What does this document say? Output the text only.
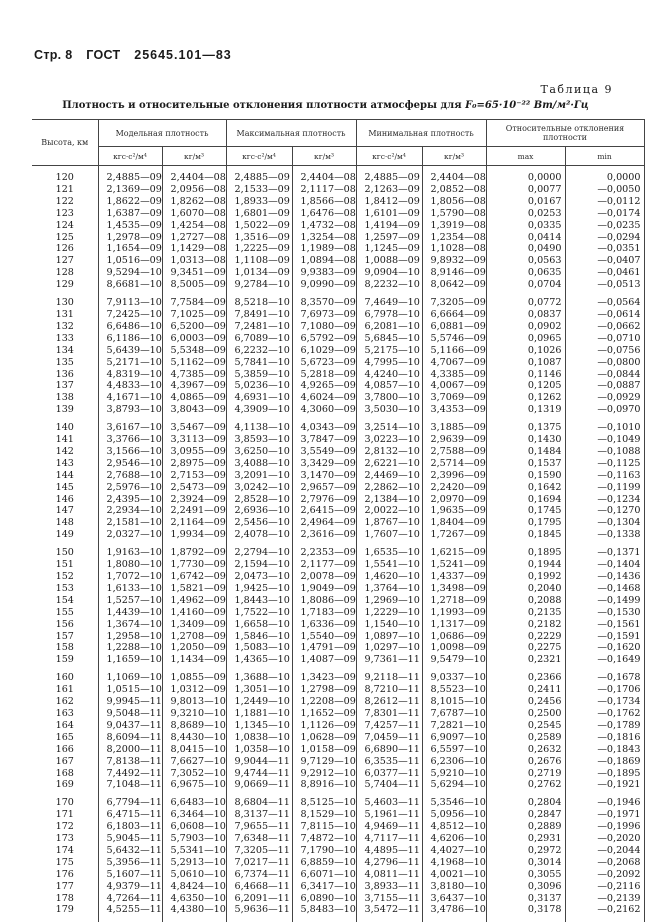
Стр. 8 ГОСТ 25645.101—83
Таблица 9
Плотность и относительные отклонения плотности атмосферы для F₀=65·10⁻²² Вт/м²·Гц
Высота, км	Модельная плотность		Максимальная плотность		Минимальная плотность		Относительные отклонения плотности	
	кгс·с²/м⁴	кг/м³	кгс·с²/м⁴	кг/м³	кгс·с²/м⁴	кг/м³	max	min

120	2,4885—09	2,4404—08	2,4885—09	2,4404—08	2,4885—09	2,4404—08	0,0000	0,0000
121	2,1369—09	2,0956—08	2,1533—09	2,1117—08	2,1263—09	2,0852—08	0,0077	—0,0050
122	1,8622—09	1,8262—08	1,8933—09	1,8566—08	1,8412—09	1,8056—08	0,0167	—0,0112
123	1,6387—09	1,6070—08	1,6801—09	1,6476—08	1,6101—09	1,5790—08	0,0253	—0,0174
124	1,4535—09	1,4254—08	1,5022—09	1,4732—08	1,4194—09	1,3919—08	0,0335	—0,0235
125	1,2978—09	1,2727—08	1,3516—09	1,3254—08	1,2597—09	1,2354—08	0,0414	—0,0294
126	1,1654—09	1,1429—08	1,2225—09	1,1989—08	1,1245—09	1,1028—08	0,0490	—0,0351
127	1,0516—09	1,0313—08	1,1108—09	1,0894—08	1,0088—09	9,8932—09	0,0563	—0,0407
128	9,5294—10	9,3451—09	1,0134—09	9,9383—09	9,0904—10	8,9146—09	0,0635	—0,0461
129	8,6681—10	8,5005—09	9,2784—10	9,0990—09	8,2232—10	8,0642—09	0,0704	—0,0513

130	7,9113—10	7,7584—09	8,5218—10	8,3570—09	7,4649—10	7,3205—09	0,0772	—0,0564
131	7,2425—10	7,1025—09	7,8491—10	7,6973—09	6,7978—10	6,6664—09	0,0837	—0,0614
132	6,6486—10	6,5200—09	7,2481—10	7,1080—09	6,2081—10	6,0881—09	0,0902	—0,0662
133	6,1186—10	6,0003—09	6,7089—10	6,5792—09	5,6845—10	5,5746—09	0,0965	—0,0710
134	5,6439—10	5,5348—09	6,2232—10	6,1029—09	5,2175—10	5,1166—09	0,1026	—0,0756
135	5,2171—10	5,1162—09	5,7841—10	5,6723—09	4,7995—10	4,7067—09	0,1087	—0,0800
136	4,8319—10	4,7385—09	5,3859—10	5,2818—09	4,4240—10	4,3385—09	0,1146	—0,0844
137	4,4833—10	4,3967—09	5,0236—10	4,9265—09	4,0857—10	4,0067—09	0,1205	—0,0887
138	4,1671—10	4,0865—09	4,6931—10	4,6024—09	3,7800—10	3,7069—09	0,1262	—0,0929
139	3,8793—10	3,8043—09	4,3909—10	4,3060—09	3,5030—10	3,4353—09	0,1319	—0,0970

140	3,6167—10	3,5467—09	4,1138—10	4,0343—09	3,2514—10	3,1885—09	0,1375	—0,1010
141	3,3766—10	3,3113—09	3,8593—10	3,7847—09	3,0223—10	2,9639—09	0,1430	—0,1049
142	3,1566—10	3,0955—09	3,6250—10	3,5549—09	2,8132—10	2,7588—09	0,1484	—0,1088
143	2,9546—10	2,8975—09	3,4088—10	3,3429—09	2,6221—10	2,5714—09	0,1537	—0,1125
144	2,7688—10	2,7153—09	3,2091—10	3,1470—09	2,4469—10	2,3996—09	0,1590	—0,1163
145	2,5976—10	2,5473—09	3,0242—10	2,9657—09	2,2862—10	2,2420—09	0,1642	—0,1199
146	2,4395—10	2,3924—09	2,8528—10	2,7976—09	2,1384—10	2,0970—09	0,1694	—0,1234
147	2,2934—10	2,2491—09	2,6936—10	2,6415—09	2,0022—10	1,9635—09	0,1745	—0,1270
148	2,1581—10	2,1164—09	2,5456—10	2,4964—09	1,8767—10	1,8404—09	0,1795	—0,1304
149	2,0327—10	1,9934—09	2,4078—10	2,3616—09	1,7607—10	1,7267—09	0,1845	—0,1338

150	1,9163—10	1,8792—09	2,2794—10	2,2353—09	1,6535—10	1,6215—09	0,1895	—0,1371
151	1,8080—10	1,7730—09	2,1594—10	2,1177—09	1,5541—10	1,5241—09	0,1944	—0,1404
152	1,7072—10	1,6742—09	2,0473—10	2,0078—09	1,4620—10	1,4337—09	0,1992	—0,1436
153	1,6133—10	1,5821—09	1,9425—10	1,9049—09	1,3764—10	1,3498—09	0,2040	—0,1468
154	1,5257—10	1,4962—09	1,8443—10	1,8086—09	1,2969—10	1,2718—09	0,2088	—0,1499
155	1,4439—10	1,4160—09	1,7522—10	1,7183—09	1,2229—10	1,1993—09	0,2135	—0,1530
156	1,3674—10	1,3409—09	1,6658—10	1,6336—09	1,1540—10	1,1317—09	0,2182	—0,1561
157	1,2958—10	1,2708—09	1,5846—10	1,5540—09	1,0897—10	1,0686—09	0,2229	—0,1591
158	1,2288—10	1,2050—09	1,5083—10	1,4791—09	1,0297—10	1,0098—09	0,2275	—0,1620
159	1,1659—10	1,1434—09	1,4365—10	1,4087—09	9,7361—11	9,5479—10	0,2321	—0,1649

160	1,1069—10	1,0855—09	1,3688—10	1,3423—09	9,2118—11	9,0337—10	0,2366	—0,1678
161	1,0515—10	1,0312—09	1,3051—10	1,2798—09	8,7210—11	8,5523—10	0,2411	—0,1706
162	9,9945—11	9,8013—10	1,2449—10	1,2208—09	8,2612—11	8,1015—10	0,2456	—0,1734
163	9,5048—11	9,3210—10	1,1881—10	1,1652—09	7,8301—11	7,6787—10	0,2500	—0,1762
164	9,0437—11	8,8689—10	1,1345—10	1,1126—09	7,4257—11	7,2821—10	0,2545	—0,1789
165	8,6094—11	8,4430—10	1,0838—10	1,0628—09	7,0459—11	6,9097—10	0,2589	—0,1816
166	8,2000—11	8,0415—10	1,0358—10	1,0158—09	6,6890—11	6,5597—10	0,2632	—0,1843
167	7,8138—11	7,6627—10	9,9044—11	9,7129—10	6,3535—11	6,2306—10	0,2676	—0,1869
168	7,4492—11	7,3052—10	9,4744—11	9,2912—10	6,0377—11	5,9210—10	0,2719	—0,1895
169	7,1048—11	6,9675—10	9,0669—11	8,8916—10	5,7404—11	5,6294—10	0,2762	—0,1921

170	6,7794—11	6,6483—10	8,6804—11	8,5125—10	5,4603—11	5,3546—10	0,2804	—0,1946
171	6,4715—11	6,3464—10	8,3137—11	8,1529—10	5,1961—11	5,0956—10	0,2847	—0,1971
172	6,1803—11	6,0608—10	7,9655—11	7,8115—10	4,9469—11	4,8512—10	0,2889	—0,1996
173	5,9045—11	5,7903—10	7,6348—11	7,4872—10	4,7117—11	4,6206—10	0,2931	—0,2020
174	5,6432—11	5,5341—10	7,3205—11	7,1790—10	4,4895—11	4,4027—10	0,2972	—0,2044
175	5,3956—11	5,2913—10	7,0217—11	6,8859—10	4,2796—11	4,1968—10	0,3014	—0,2068
176	5,1607—11	5,0610—10	6,7374—11	6,6071—10	4,0811—11	4,0021—10	0,3055	—0,2092
177	4,9379—11	4,8424—10	6,4668—11	6,3417—10	3,8933—11	3,8180—10	0,3096	—0,2116
178	4,7264—11	4,6350—10	6,2091—11	6,0890—10	3,7155—11	3,6437—10	0,3137	—0,2139
179	4,5255—11	4,4380—10	5,9636—11	5,8483—10	3,5472—11	3,4786—10	0,3178	—0,2162
